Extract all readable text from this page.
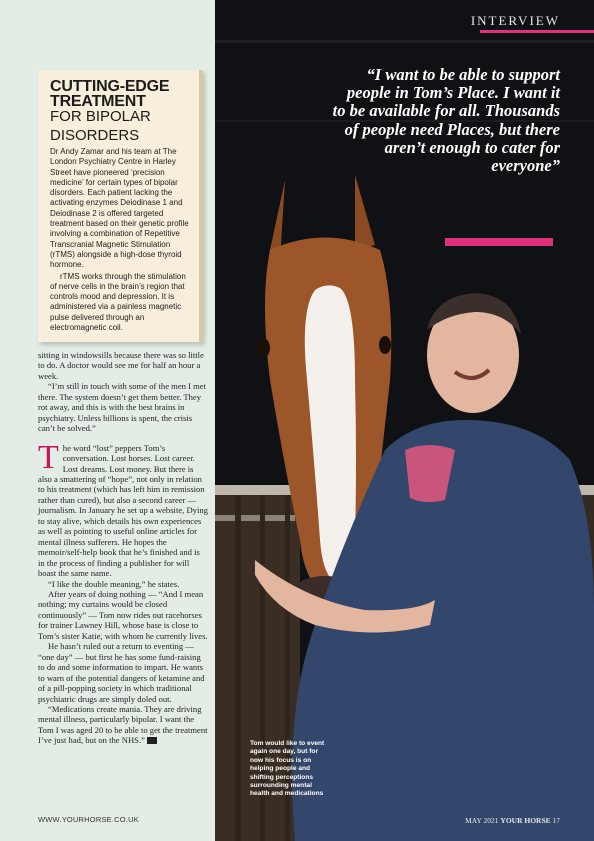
CUTTING-EDGE
TREATMENT
FOR BIPOLAR
DISORDERS

Dr Andy Zamar and his team at The London Psychiatry Centre in Harley Street have pioneered ‘precision medicine’ for certain types of bipolar disorders. Each patient lacking the activating enzymes Deiodinase 1 and Deiodinase 2 is offered targeted treatment based on their genetic profile involving a combination of Repetitive Transcranial Magnetic Stimulation (rTMS) alongside a high-dose thyroid hormone.

rTMS works through the stimulation of nerve cells in the brain’s region that controls mood and depression. It is administered via a painless magnetic pulse delivered through an electromagnetic coil.

sitting in windowsills because there was so little to do. A doctor would see me for half an hour a week.

“I’m still in touch with some of the men I met there. The system doesn’t get them better. They rot away, and this is with the best brains in psychiatry. Unless billions is spent, the crisis can’t be solved.”

The word “lost” peppers Tom’s conversation. Lost horses. Lost career. Lost dreams. Lost money. But there is also a smattering of “hope”, not only in relation to his treatment (which has left him in remission rather than cured), but also a second career — journalism. In January he set up a website, Dying to stay alive, which details his own experiences as well as pointing to useful online articles for mental illness sufferers. He hopes the memoir/self-help book that he’s finished and is in the process of finding a publisher for will boast the same name.

“I like the double meaning,” he states.

After years of doing nothing — “And I mean nothing; my curtains would be closed continuously” — Tom now rides out racehorses for trainer Lawney Hill, whose base is close to Tom’s sister Katie, with whom he currently lives.

He hasn’t ruled out a return to eventing — “one day” — but first he has some fund-raising to do and some information to impart. He wants to warn of the potential dangers of ketamine and of a pill-popping society in which traditional psychiatric drugs are simply doled out.

“Medications create mania. They are driving mental illness, particularly bipolar. I want the Tom I was aged 20 to be able to get the treatment I’ve just had, but on the NHS.”

WWW.YOURHORSE.CO.UK
INTERVIEW
“I want to be able to support people in Tom’s Place. I want it to be available for all. Thousands of people need Places, but there aren’t enough to cater for everyone”
Tom would like to event again one day, but for now his focus is on helping people and shifting perceptions surrounding mental health and medications
MAY 2021 YOUR HORSE 17
